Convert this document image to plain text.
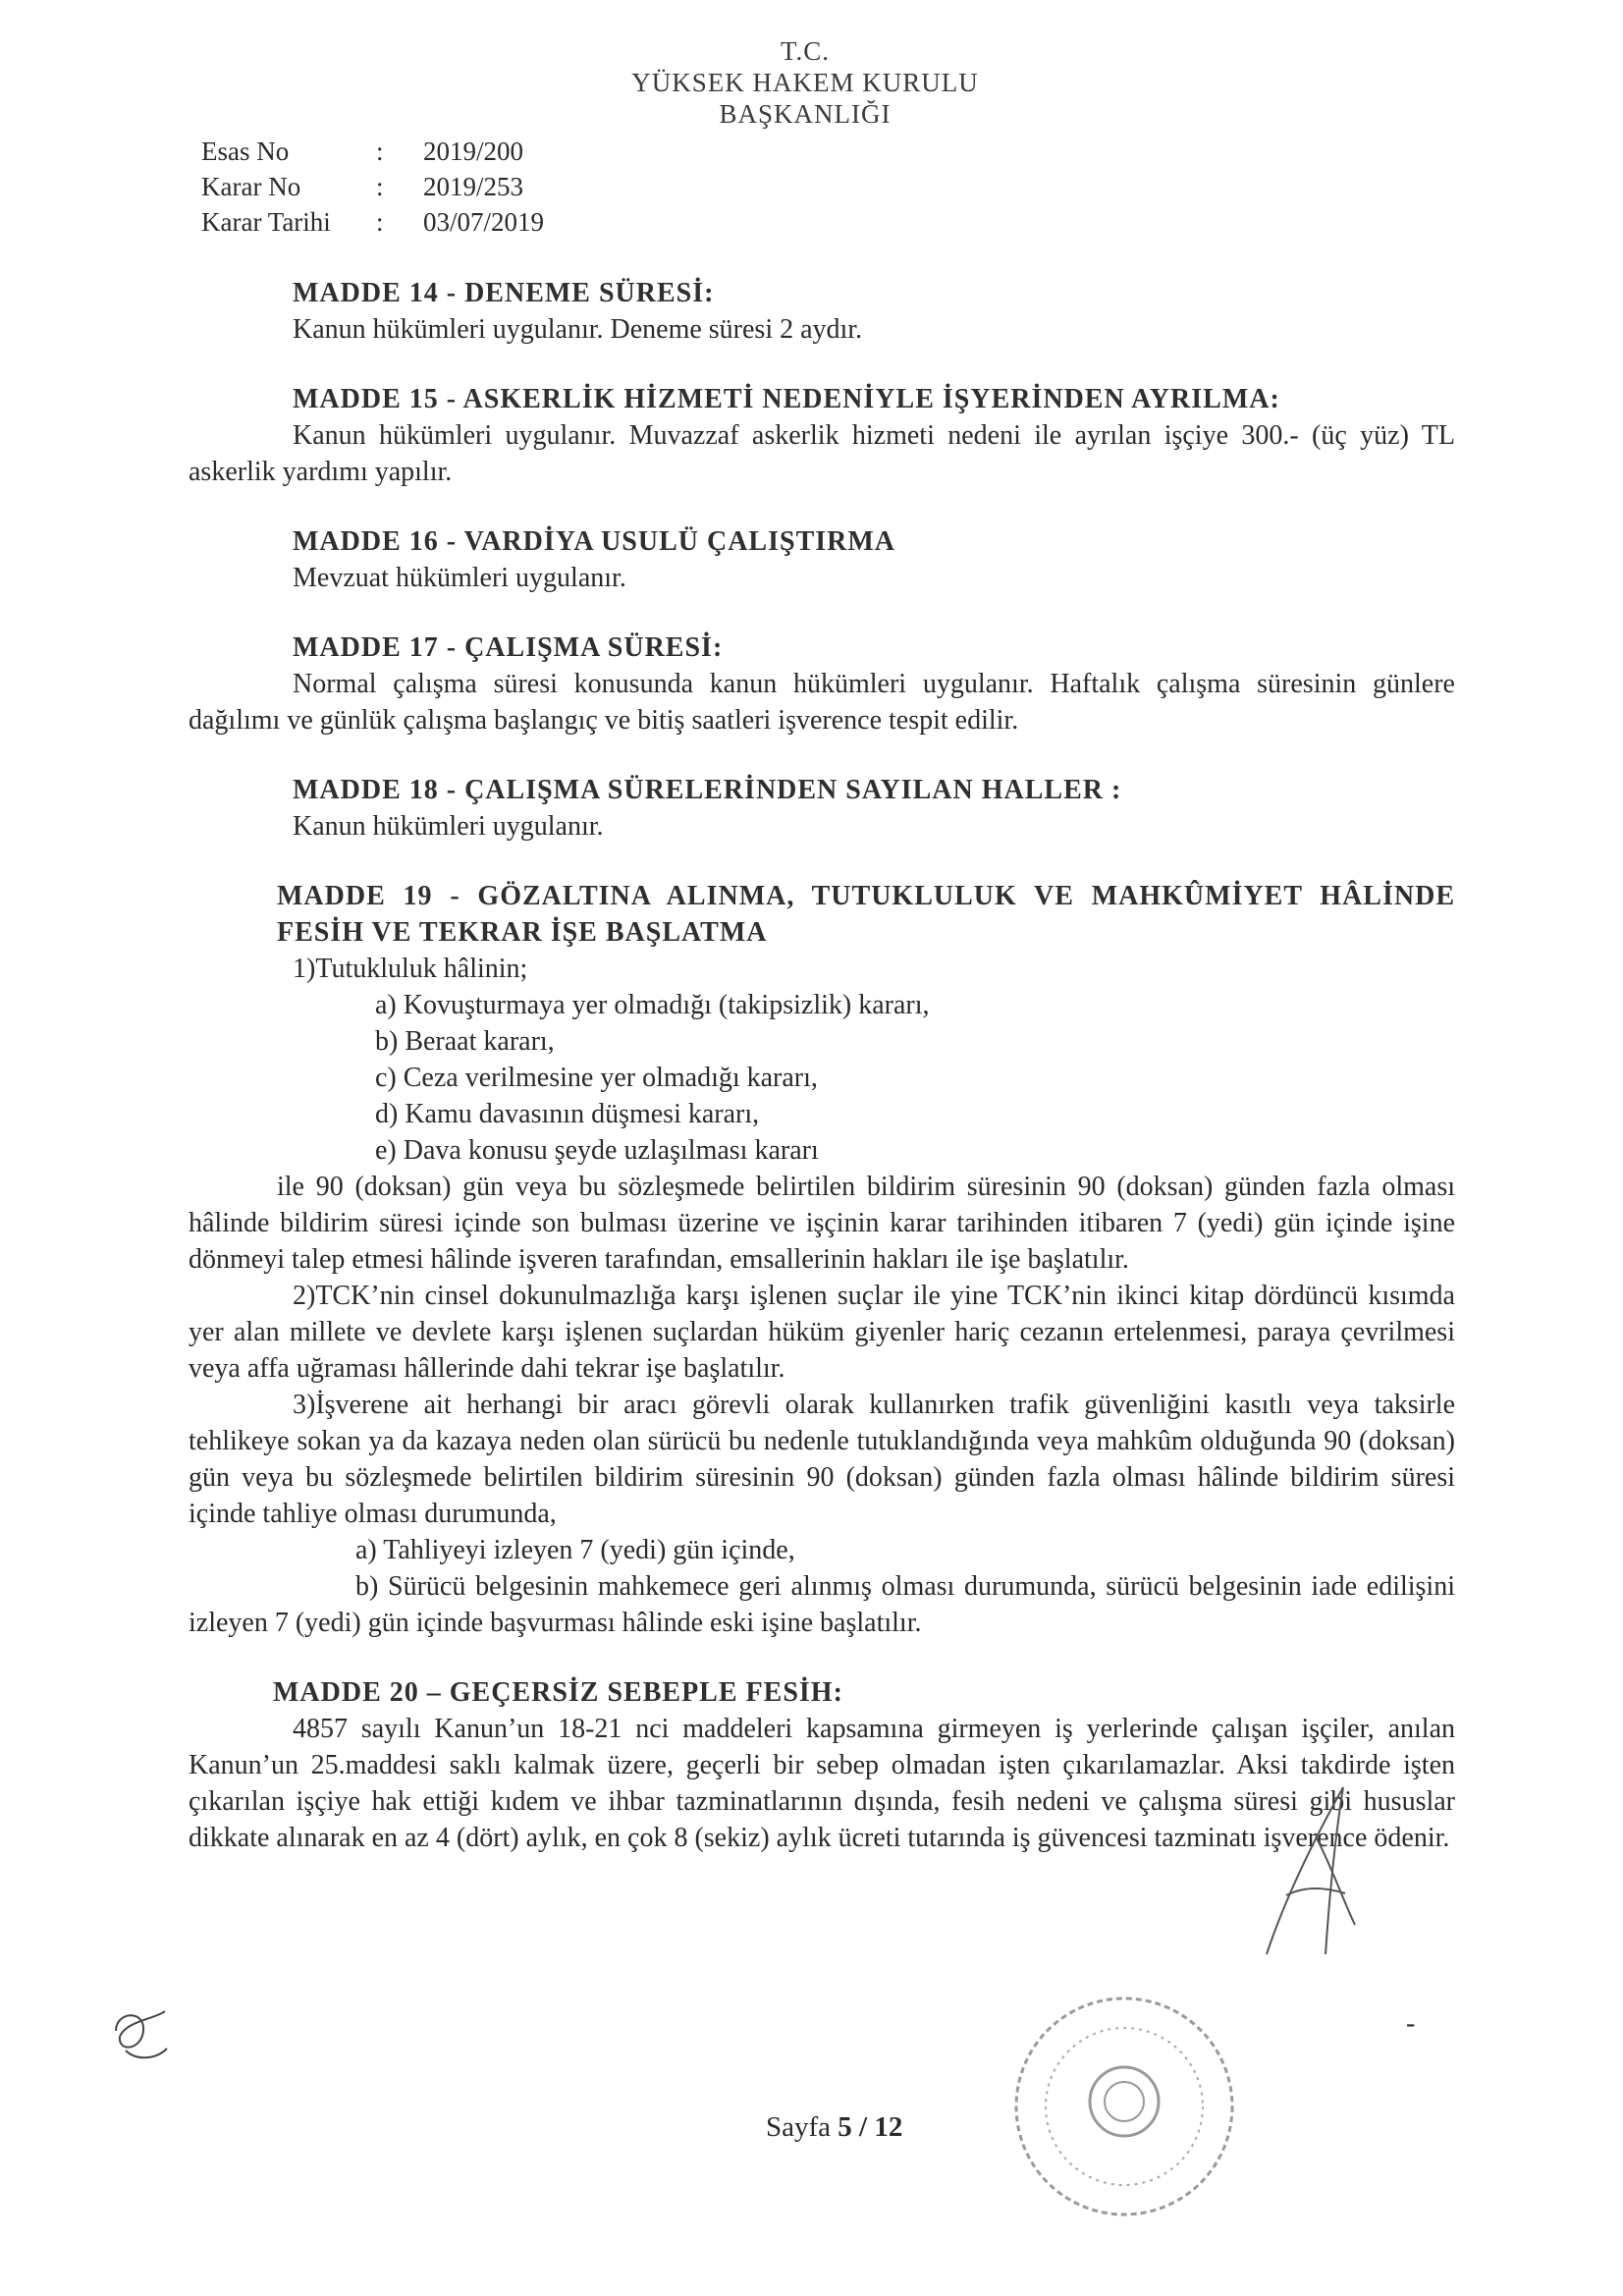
T.C.
YÜKSEK HAKEM KURULU
BAŞKANLIĞI
Esas No	:	2019/200
Karar No	:	2019/253
Karar Tarihi	:	03/07/2019
MADDE 14 - DENEME SÜRESİ:

Kanun hükümleri uygulanır. Deneme süresi 2 aydır.

MADDE 15 - ASKERLİK HİZMETİ NEDENİYLE İŞYERİNDEN AYRILMA:

Kanun hükümleri uygulanır. Muvazzaf askerlik hizmeti nedeni ile ayrılan işçiye 300.- (üç yüz) TL askerlik yardımı yapılır.

MADDE 16 - VARDİYA USULÜ ÇALIŞTIRMA

Mevzuat hükümleri uygulanır.

MADDE 17 - ÇALIŞMA SÜRESİ:

Normal çalışma süresi konusunda kanun hükümleri uygulanır. Haftalık çalışma süresinin günlere dağılımı ve günlük çalışma başlangıç ve bitiş saatleri işverence tespit edilir.

MADDE 18 - ÇALIŞMA SÜRELERİNDEN SAYILAN HALLER :

Kanun hükümleri uygulanır.

MADDE 19 - GÖZALTINA ALINMA, TUTUKLULUK VE MAHKÛMİYET HÂLİNDE FESİH VE TEKRAR İŞE BAŞLATMA

1)Tutukluluk hâlinin;

a) Kovuşturmaya yer olmadığı (takipsizlik) kararı,
b) Beraat kararı,
c) Ceza verilmesine yer olmadığı kararı,
d) Kamu davasının düşmesi kararı,
e) Dava konusu şeyde uzlaşılması kararı

ile 90 (doksan) gün veya bu sözleşmede belirtilen bildirim süresinin 90 (doksan) günden fazla olması hâlinde bildirim süresi içinde son bulması üzerine ve işçinin karar tarihinden itibaren 7 (yedi) gün içinde işine dönmeyi talep etmesi hâlinde işveren tarafından, emsallerinin hakları ile işe başlatılır.

2)TCK’nin cinsel dokunulmazlığa karşı işlenen suçlar ile yine TCK’nin ikinci kitap dördüncü kısımda yer alan millete ve devlete karşı işlenen suçlardan hüküm giyenler hariç cezanın ertelenmesi, paraya çevrilmesi veya affa uğraması hâllerinde dahi tekrar işe başlatılır.

3)İşverene ait herhangi bir aracı görevli olarak kullanırken trafik güvenliğini kasıtlı veya taksirle tehlikeye sokan ya da kazaya neden olan sürücü bu nedenle tutuklandığında veya mahkûm olduğunda 90 (doksan) gün veya bu sözleşmede belirtilen bildirim süresinin 90 (doksan) günden fazla olması hâlinde bildirim süresi içinde tahliye olması durumunda,

a) Tahliyeyi izleyen 7 (yedi) gün içinde,

b) Sürücü belgesinin mahkemece geri alınmış olması durumunda, sürücü belgesinin iade edilişini izleyen 7 (yedi) gün içinde başvurması hâlinde eski işine başlatılır.

MADDE 20 – GEÇERSİZ SEBEPLE FESİH:

4857 sayılı Kanun’un 18-21 nci maddeleri kapsamına girmeyen iş yerlerinde çalışan işçiler, anılan Kanun’un 25.maddesi saklı kalmak üzere, geçerli bir sebep olmadan işten çıkarılamazlar. Aksi takdirde işten çıkarılan işçiye hak ettiği kıdem ve ihbar tazminatlarının dışında, fesih nedeni ve çalışma süresi gibi hususlar dikkate alınarak en az 4 (dört) aylık, en çok 8 (sekiz) aylık ücreti tutarında iş güvencesi tazminatı işverence ödenir.

-
Sayfa 5 / 12
